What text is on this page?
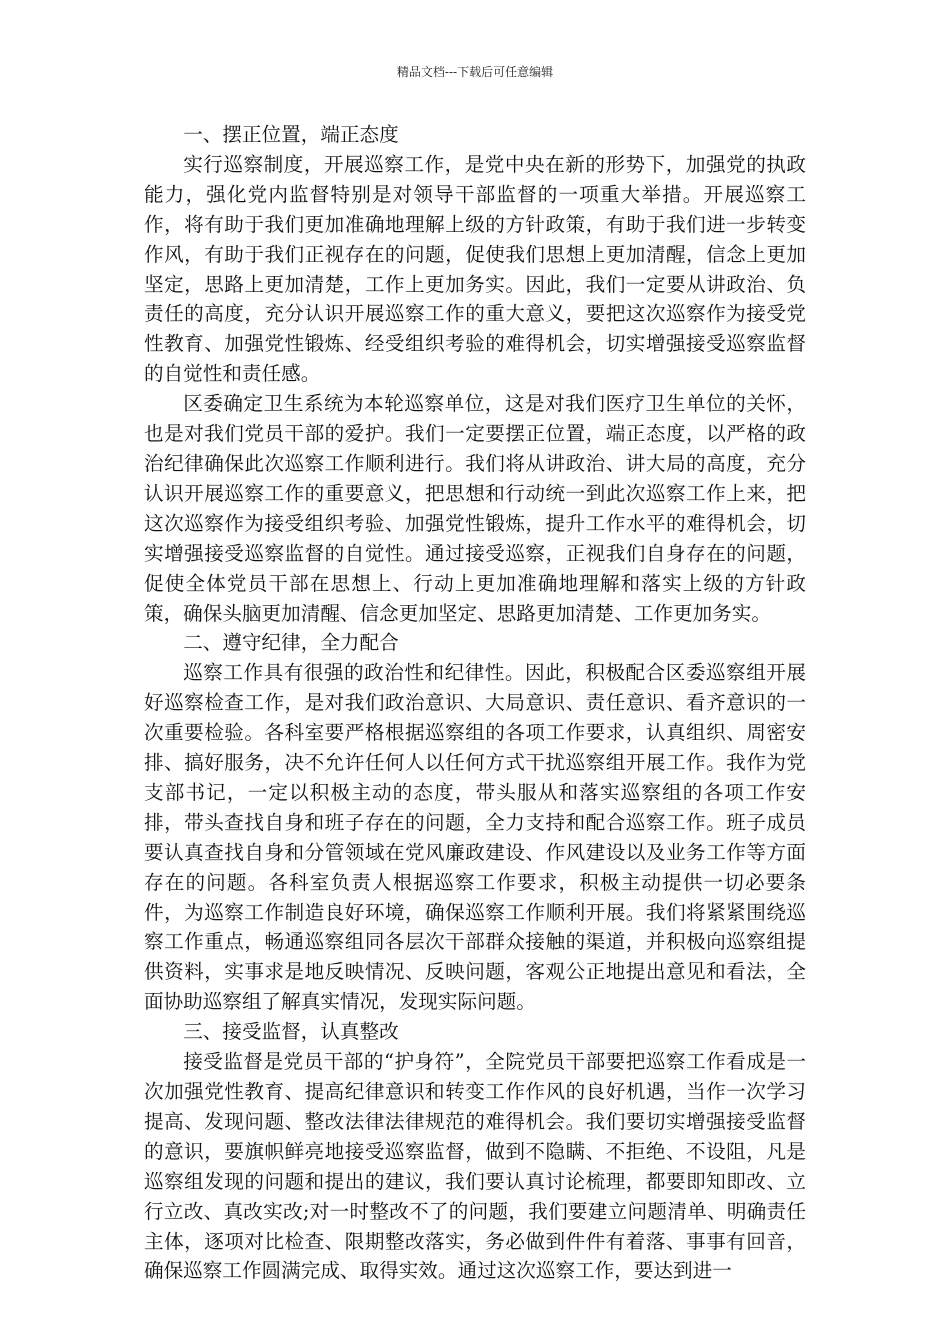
精品文档---下载后可任意编辑

一、摆正位置，端正态度

实行巡察制度，开展巡察工作，是党中央在新的形势下，加强党的执政能力，强化党内监督特别是对领导干部监督的一项重大举措。开展巡察工作，将有助于我们更加准确地理解上级的方针政策，有助于我们进一步转变作风，有助于我们正视存在的问题，促使我们思想上更加清醒，信念上更加坚定，思路上更加清楚，工作上更加务实。因此，我们一定要从讲政治、负责任的高度，充分认识开展巡察工作的重大意义，要把这次巡察作为接受党性教育、加强党性锻炼、经受组织考验的难得机会，切实增强接受巡察监督的自觉性和责任感。

区委确定卫生系统为本轮巡察单位，这是对我们医疗卫生单位的关怀，也是对我们党员干部的爱护。我们一定要摆正位置，端正态度，以严格的政治纪律确保此次巡察工作顺利进行。我们将从讲政治、讲大局的高度，充分认识开展巡察工作的重要意义，把思想和行动统一到此次巡察工作上来，把这次巡察作为接受组织考验、加强党性锻炼，提升工作水平的难得机会，切实增强接受巡察监督的自觉性。通过接受巡察，正视我们自身存在的问题，促使全体党员干部在思想上、行动上更加准确地理解和落实上级的方针政策，确保头脑更加清醒、信念更加坚定、思路更加清楚、工作更加务实。

二、遵守纪律，全力配合

巡察工作具有很强的政治性和纪律性。因此，积极配合区委巡察组开展好巡察检查工作，是对我们政治意识、大局意识、责任意识、看齐意识的一次重要检验。各科室要严格根据巡察组的各项工作要求，认真组织、周密安排、搞好服务，决不允许任何人以任何方式干扰巡察组开展工作。我作为党支部书记，一定以积极主动的态度，带头服从和落实巡察组的各项工作安排，带头查找自身和班子存在的问题，全力支持和配合巡察工作。班子成员要认真查找自身和分管领域在党风廉政建设、作风建设以及业务工作等方面存在的问题。各科室负责人根据巡察工作要求，积极主动提供一切必要条件，为巡察工作制造良好环境，确保巡察工作顺利开展。我们将紧紧围绕巡察工作重点，畅通巡察组同各层次干部群众接触的渠道，并积极向巡察组提供资料，实事求是地反映情况、反映问题，客观公正地提出意见和看法，全面协助巡察组了解真实情况，发现实际问题。

三、接受监督，认真整改

接受监督是党员干部的“护身符”，全院党员干部要把巡察工作看成是一次加强党性教育、提高纪律意识和转变工作作风的良好机遇，当作一次学习提高、发现问题、整改法律法律规范的难得机会。我们要切实增强接受监督的意识，要旗帜鲜亮地接受巡察监督，做到不隐瞒、不拒绝、不设阻，凡是巡察组发现的问题和提出的建议，我们要认真讨论梳理，都要即知即改、立行立改、真改实改;对一时整改不了的问题，我们要建立问题清单、明确责任主体，逐项对比检查、限期整改落实，务必做到件件有着落、事事有回音，确保巡察工作圆满完成、取得实效。通过这次巡察工作，要达到进一
